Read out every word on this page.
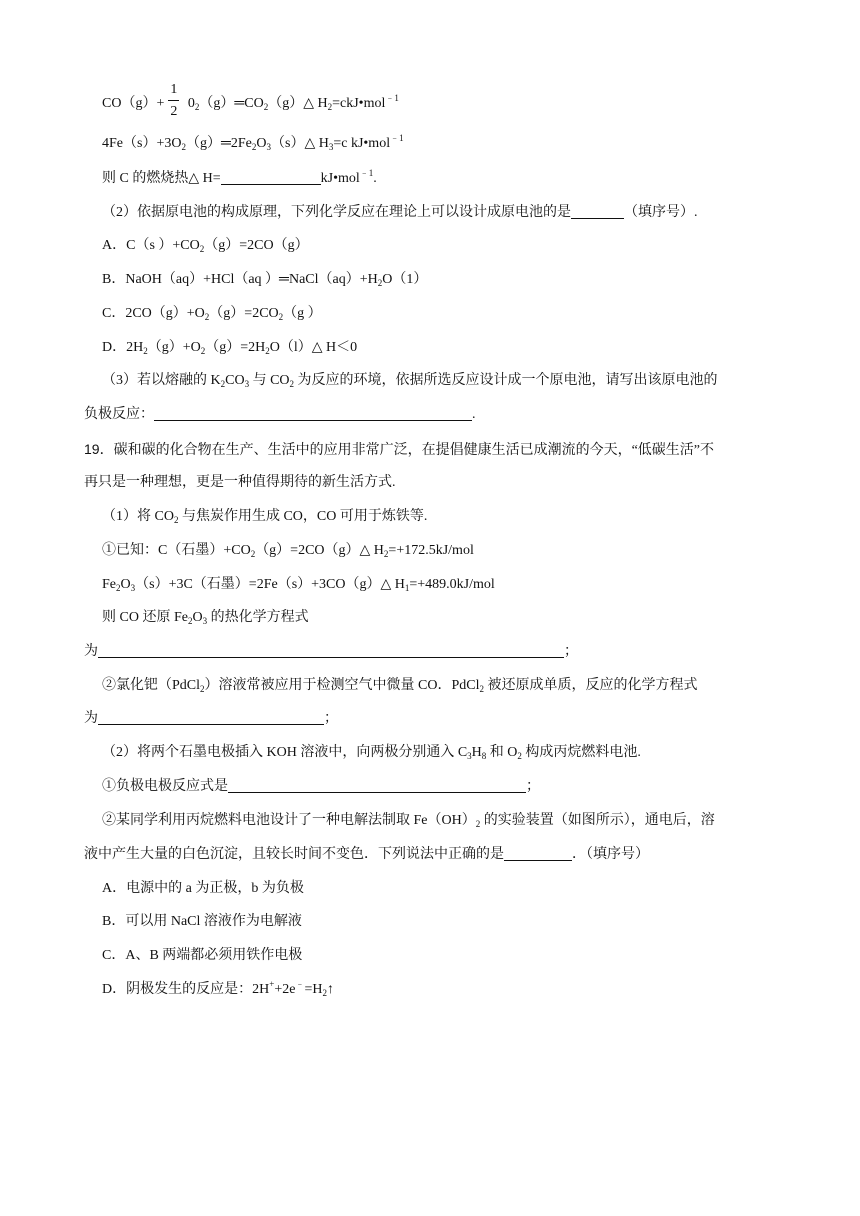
$CO(g)+ \frac{1}{2}$ $0_2(g)═CO_2(g)\triangle$ $H_2=ckJ•mol^{﹣1}$
$4Fe(s)+3O_2(g)═2Fe_2O_3(s)\triangle$ $H_3=c$ kJ•mol$^{﹣1}$
则 C 的燃烧热△ H=	kJ•mol$^{﹣1}$.
（2）依据原电池的构成原理，下列化学反应在理论上可以设计成原电池的是	（填序号）.
A．C（s ）$+CO_2(g)=2CO(g)$
B．NaOH（aq）+HCl（aq ）$═NaCl(aq)+H_2O(1)$
C．$2CO(g)+O_2(g)=2CO_2(g$ ）
D．$2H_2(g)+O_2(g)=2H_2O(l)\triangle$ H＜0
（3）若以熔融的 $K_2CO_3$ 与 $CO_2$ 为反应的环境，依据所选反应设计成一个原电池，请写出该原电池的
负极反应：	.
19．碳和碳的化合物在生产、生活中的应用非常广泛，在提倡健康生活已成潮流的今天，“低碳生活”不
再只是一种理想，更是一种值得期待的新生活方式.
（1）将 $CO_2$ 与焦炭作用生成 CO，CO 可用于炼铁等.
①已知：C（石墨）$+CO_2(g)=2CO(g)\triangle$ $H_2=+172.5kJ$/mol
$Fe_2O_3(s)+3C$（石墨）=2Fe（s）+3CO（g）△ $H_1=+489.0kJ$/mol
则 CO 还原 $Fe_2O_3$ 的热化学方程式
为	；
②氯化钯（PdCl$_2$）溶液常被应用于检测空气中微量 CO．PdCl$_2$ 被还原成单质，反应的化学方程式
为	；
（2）将两个石墨电极插入 KOH 溶液中，向两极分别通入 $C_3H_8$ 和 $O_2$ 构成丙烷燃料电池.
①负极电极反应式是	；
②某同学利用丙烷燃料电池设计了一种电解法制取 $Fe(OH)_2$ 的实验装置（如图所示），通电后，溶
液中产生大量的白色沉淀，且较长时间不变色．下列说法中正确的是	．（填序号）
A．电源中的 a 为正极，b 为负极
B．可以用 NaCl 溶液作为电解液
C．A、B 两端都必须用铁作电极
D．阴极发生的反应是：$2H^++2e^﹣=H_2↑$
